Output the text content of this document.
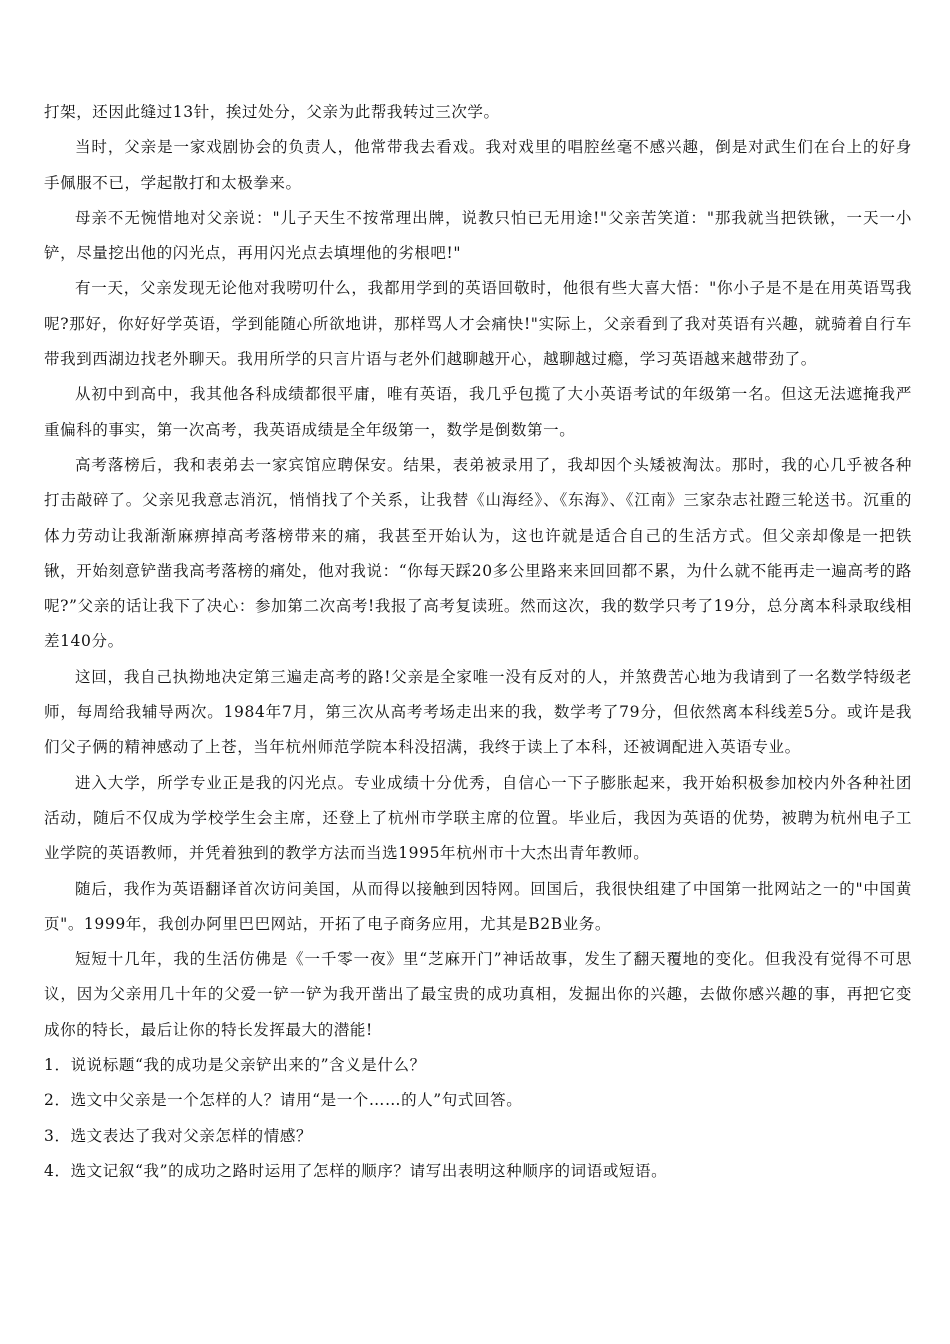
打架，还因此缝过13针，挨过处分，父亲为此帮我转过三次学。

当时，父亲是一家戏剧协会的负责人，他常带我去看戏。我对戏里的唱腔丝毫不感兴趣，倒是对武生们在台上的好身手佩服不已，学起散打和太极拳来。

母亲不无惋惜地对父亲说："儿子天生不按常理出牌，说教只怕已无用途!"父亲苦笑道："那我就当把铁锹，一天一小铲，尽量挖出他的闪光点，再用闪光点去填埋他的劣根吧!"

有一天，父亲发现无论他对我唠叨什么，我都用学到的英语回敬时，他很有些大喜大悟："你小子是不是在用英语骂我呢?那好，你好好学英语，学到能随心所欲地讲，那样骂人才会痛快!"实际上，父亲看到了我对英语有兴趣，就骑着自行车带我到西湖边找老外聊天。我用所学的只言片语与老外们越聊越开心，越聊越过瘾，学习英语越来越带劲了。

从初中到高中，我其他各科成绩都很平庸，唯有英语，我几乎包揽了大小英语考试的年级第一名。但这无法遮掩我严重偏科的事实，第一次高考，我英语成绩是全年级第一，数学是倒数第一。

高考落榜后，我和表弟去一家宾馆应聘保安。结果，表弟被录用了，我却因个头矮被淘汰。那时，我的心几乎被各种打击敲碎了。父亲见我意志消沉，悄悄找了个关系，让我替《山海经》、《东海》、《江南》三家杂志社蹬三轮送书。沉重的体力劳动让我渐渐麻痹掉高考落榜带来的痛，我甚至开始认为，这也许就是适合自己的生活方式。但父亲却像是一把铁锹，开始刻意铲凿我高考落榜的痛处，他对我说：“你每天踩20多公里路来来回回都不累，为什么就不能再走一遍高考的路呢?”父亲的话让我下了决心：参加第二次高考!我报了高考复读班。然而这次，我的数学只考了19分，总分离本科录取线相差140分。

这回，我自己执拗地决定第三遍走高考的路!父亲是全家唯一没有反对的人，并煞费苦心地为我请到了一名数学特级老师，每周给我辅导两次。1984年7月，第三次从高考考场走出来的我，数学考了79分，但依然离本科线差5分。或许是我们父子俩的精神感动了上苍，当年杭州师范学院本科没招满，我终于读上了本科，还被调配进入英语专业。

进入大学，所学专业正是我的闪光点。专业成绩十分优秀，自信心一下子膨胀起来，我开始积极参加校内外各种社团活动，随后不仅成为学校学生会主席，还登上了杭州市学联主席的位置。毕业后，我因为英语的优势，被聘为杭州电子工业学院的英语教师，并凭着独到的教学方法而当选1995年杭州市十大杰出青年教师。

随后，我作为英语翻译首次访问美国，从而得以接触到因特网。回国后，我很快组建了中国第一批网站之一的"中国黄页"。1999年，我创办阿里巴巴网站，开拓了电子商务应用，尤其是B2B业务。

短短十几年，我的生活仿佛是《一千零一夜》里“芝麻开门”神话故事，发生了翻天覆地的变化。但我没有觉得不可思议，因为父亲用几十年的父爱一铲一铲为我开凿出了最宝贵的成功真相，发掘出你的兴趣，去做你感兴趣的事，再把它变成你的特长，最后让你的特长发挥最大的潜能!

1．说说标题“我的成功是父亲铲出来的”含义是什么？

2．选文中父亲是一个怎样的人？请用“是一个……的人”句式回答。

3．选文表达了我对父亲怎样的情感？

4．选文记叙“我”的成功之路时运用了怎样的顺序？请写出表明这种顺序的词语或短语。
